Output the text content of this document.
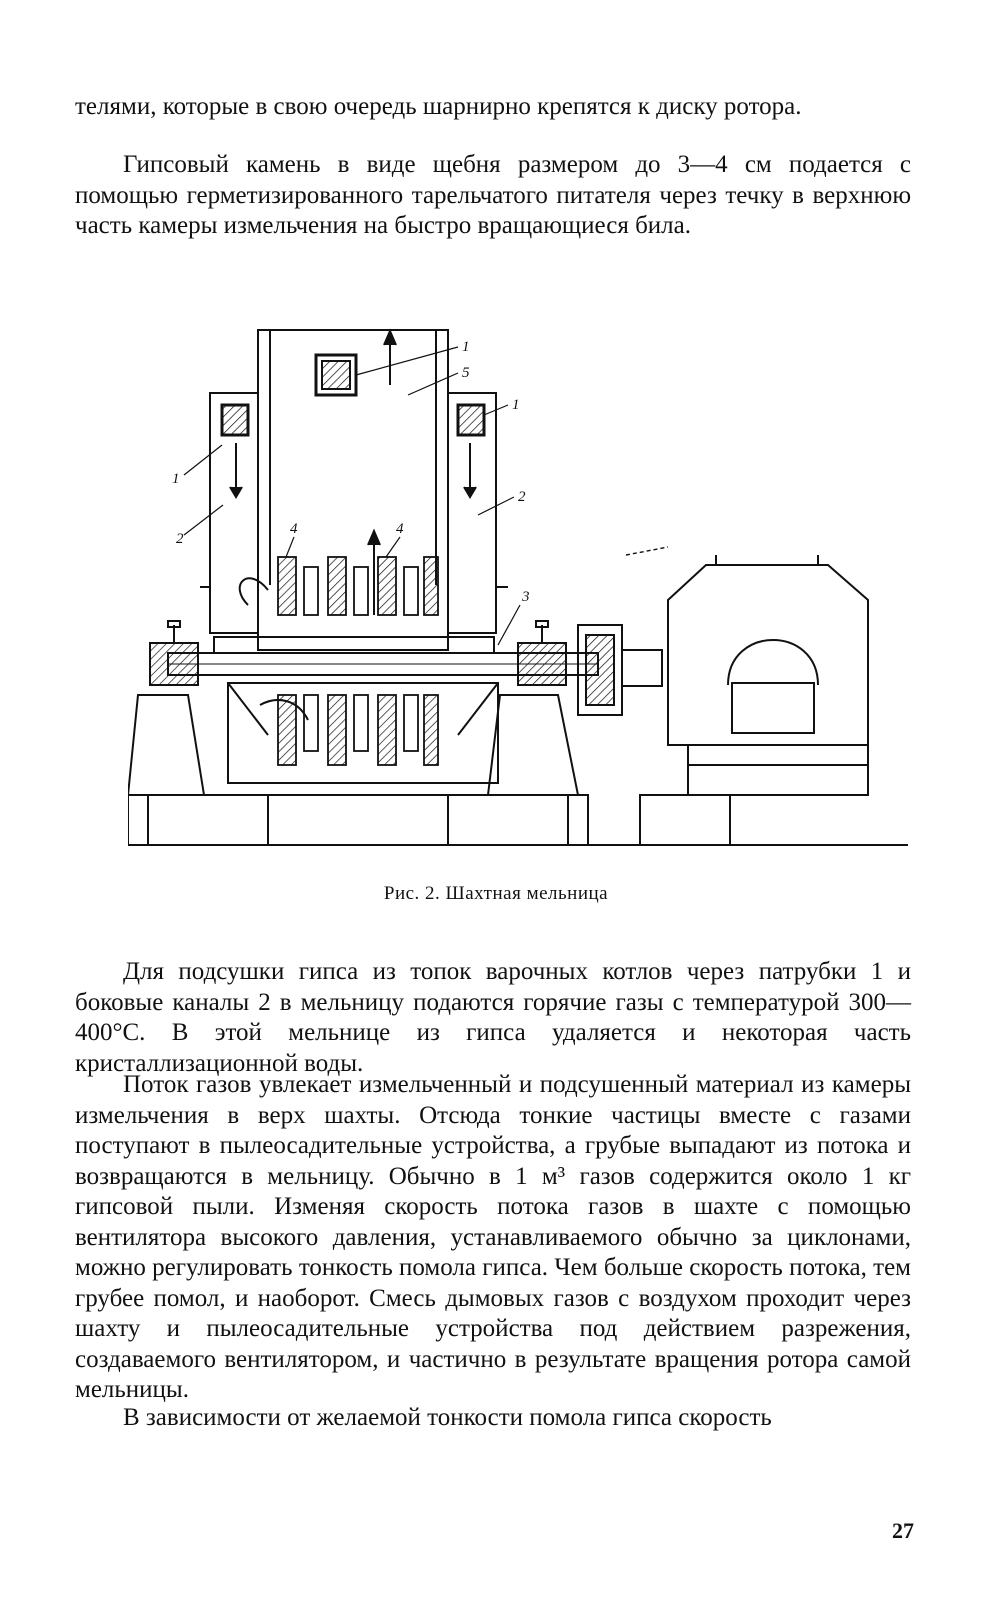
телями, которые в свою очередь шарнирно крепятся к диску ротора.

Гипсовый камень в виде щебня размером до 3—4 см подается с помощью герметизированного тарельчатого питателя через течку в верхнюю часть камеры измельчения на быстро вращающиеся била.

1
5
1
1
2
2
4	4
3
Рис. 2. Шахтная мельница

Для подсушки гипса из топок варочных котлов через патрубки 1 и боковые каналы 2 в мельницу подаются горячие газы с температурой 300—400°С. В этой мельнице из гипса удаляется и некоторая часть кристаллизационной воды.

Поток газов увлекает измельченный и подсушенный материал из камеры измельчения в верх шахты. Отсюда тонкие частицы вместе с газами поступают в пылеосадительные устройства, а грубые выпадают из потока и возвращаются в мельницу. Обычно в 1 м³ газов содержится около 1 кг гипсовой пыли. Изменяя скорость потока газов в шахте с помощью вентилятора высокого давления, устанавливаемого обычно за циклонами, можно регулировать тонкость помола гипса. Чем больше скорость потока, тем грубее помол, и наоборот. Смесь дымовых газов с воздухом проходит через шахту и пылеосадительные устройства под действием разрежения, создаваемого вентилятором, и частично в результате вращения ротора самой мельницы.

В зависимости от желаемой тонкости помола гипса скорость

27
